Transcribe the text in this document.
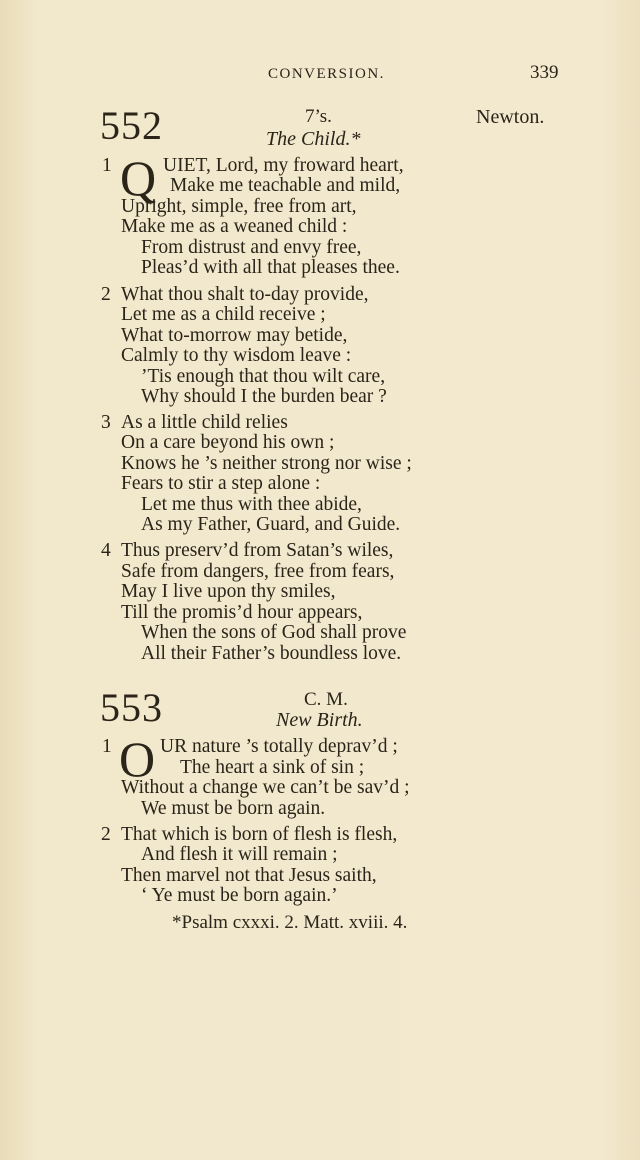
CONVERSION.	339
552	7’s.	Newton.
The Child.*
1 Q UIET, Lord, my froward heart,
Make me teachable and mild,
Upright, simple, free from art,
Make me as a weaned child :
From distrust and envy free,
Pleas’d with all that pleases thee.
2 What thou shalt to-day provide,
Let me as a child receive ;
What to-morrow may betide,
Calmly to thy wisdom leave :
’Tis enough that thou wilt care,
Why should I the burden bear ?
3 As a little child relies
On a care beyond his own ;
Knows he ’s neither strong nor wise ;
Fears to stir a step alone :
Let me thus with thee abide,
As my Father, Guard, and Guide.
4 Thus preserv’d from Satan’s wiles,
Safe from dangers, free from fears,
May I live upon thy smiles,
Till the promis’d hour appears,
When the sons of God shall prove
All their Father’s boundless love.
553	C. M.
New Birth.
1 O UR nature ’s totally deprav’d ;
The heart a sink of sin ;
Without a change we can’t be sav’d ;
We must be born again.
2 That which is born of flesh is flesh,
And flesh it will remain ;
Then marvel not that Jesus saith,
‘ Ye must be born again.’
*Psalm cxxxi. 2. Matt. xviii. 4.
